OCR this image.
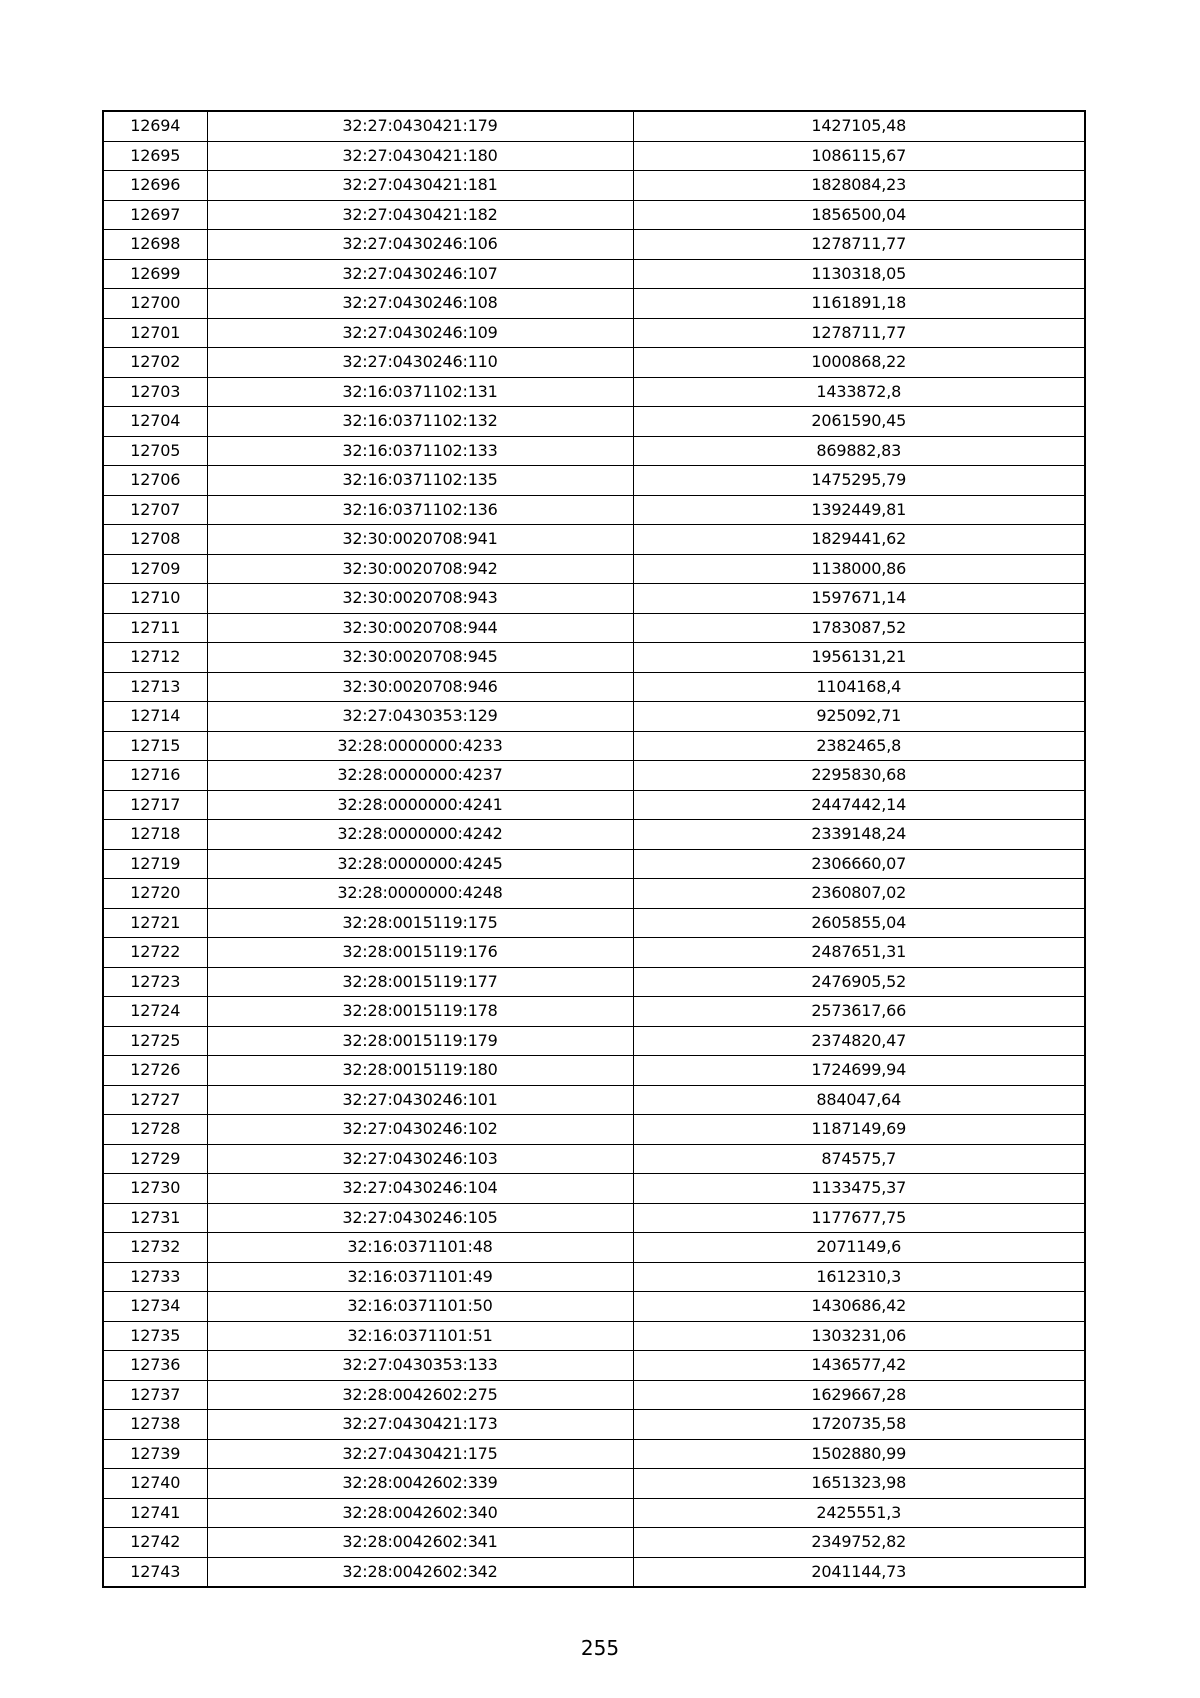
12694	32:27:0430421:179	1427105,48
12695	32:27:0430421:180	1086115,67
12696	32:27:0430421:181	1828084,23
12697	32:27:0430421:182	1856500,04
12698	32:27:0430246:106	1278711,77
12699	32:27:0430246:107	1130318,05
12700	32:27:0430246:108	1161891,18
12701	32:27:0430246:109	1278711,77
12702	32:27:0430246:110	1000868,22
12703	32:16:0371102:131	1433872,8
12704	32:16:0371102:132	2061590,45
12705	32:16:0371102:133	869882,83
12706	32:16:0371102:135	1475295,79
12707	32:16:0371102:136	1392449,81
12708	32:30:0020708:941	1829441,62
12709	32:30:0020708:942	1138000,86
12710	32:30:0020708:943	1597671,14
12711	32:30:0020708:944	1783087,52
12712	32:30:0020708:945	1956131,21
12713	32:30:0020708:946	1104168,4
12714	32:27:0430353:129	925092,71
12715	32:28:0000000:4233	2382465,8
12716	32:28:0000000:4237	2295830,68
12717	32:28:0000000:4241	2447442,14
12718	32:28:0000000:4242	2339148,24
12719	32:28:0000000:4245	2306660,07
12720	32:28:0000000:4248	2360807,02
12721	32:28:0015119:175	2605855,04
12722	32:28:0015119:176	2487651,31
12723	32:28:0015119:177	2476905,52
12724	32:28:0015119:178	2573617,66
12725	32:28:0015119:179	2374820,47
12726	32:28:0015119:180	1724699,94
12727	32:27:0430246:101	884047,64
12728	32:27:0430246:102	1187149,69
12729	32:27:0430246:103	874575,7
12730	32:27:0430246:104	1133475,37
12731	32:27:0430246:105	1177677,75
12732	32:16:0371101:48	2071149,6
12733	32:16:0371101:49	1612310,3
12734	32:16:0371101:50	1430686,42
12735	32:16:0371101:51	1303231,06
12736	32:27:0430353:133	1436577,42
12737	32:28:0042602:275	1629667,28
12738	32:27:0430421:173	1720735,58
12739	32:27:0430421:175	1502880,99
12740	32:28:0042602:339	1651323,98
12741	32:28:0042602:340	2425551,3
12742	32:28:0042602:341	2349752,82
12743	32:28:0042602:342	2041144,73
255
